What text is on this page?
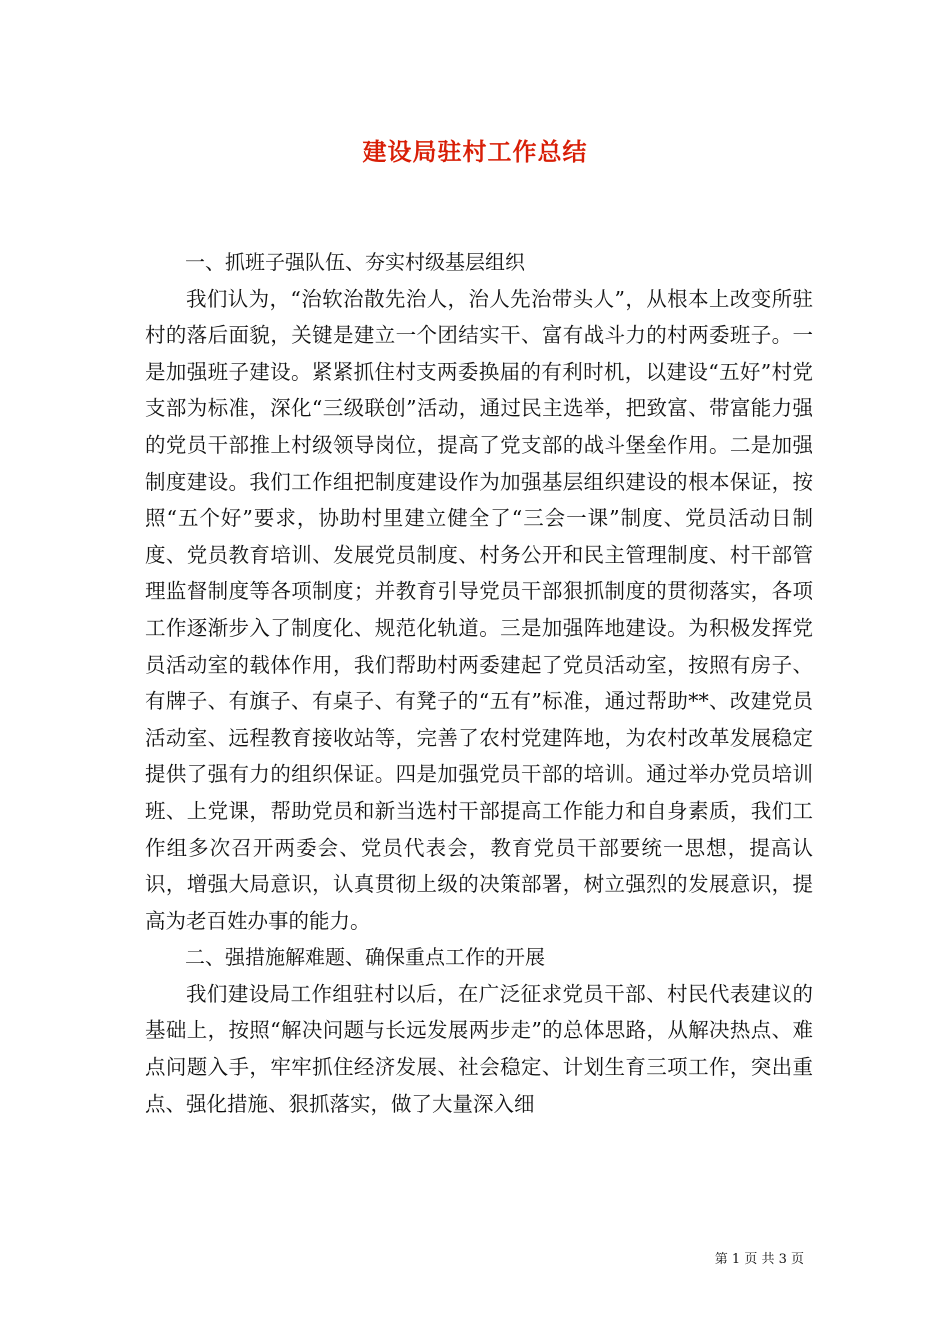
建设局驻村工作总结
一、抓班子强队伍、夯实村级基层组织

我们认为，“治软治散先治人，治人先治带头人”，从根本上改变所驻村的落后面貌，关键是建立一个团结实干、富有战斗力的村两委班子。一是加强班子建设。紧紧抓住村支两委换届的有利时机，以建设“五好”村党支部为标准，深化“三级联创”活动，通过民主选举，把致富、带富能力强的党员干部推上村级领导岗位，提高了党支部的战斗堡垒作用。二是加强制度建设。我们工作组把制度建设作为加强基层组织建设的根本保证，按照“五个好”要求，协助村里建立健全了“三会一课”制度、党员活动日制度、党员教育培训、发展党员制度、村务公开和民主管理制度、村干部管理监督制度等各项制度；并教育引导党员干部狠抓制度的贯彻落实，各项工作逐渐步入了制度化、规范化轨道。三是加强阵地建设。为积极发挥党员活动室的载体作用，我们帮助村两委建起了党员活动室，按照有房子、有牌子、有旗子、有桌子、有凳子的“五有”标准，通过帮助**、改建党员活动室、远程教育接收站等，完善了农村党建阵地，为农村改革发展稳定提供了强有力的组织保证。四是加强党员干部的培训。通过举办党员培训班、上党课，帮助党员和新当选村干部提高工作能力和自身素质，我们工作组多次召开两委会、党员代表会，教育党员干部要统一思想，提高认识，增强大局意识，认真贯彻上级的决策部署，树立强烈的发展意识，提高为老百姓办事的能力。

二、强措施解难题、确保重点工作的开展

我们建设局工作组驻村以后，在广泛征求党员干部、村民代表建议的基础上，按照“解决问题与长远发展两步走”的总体思路，从解决热点、难点问题入手，牢牢抓住经济发展、社会稳定、计划生育三项工作，突出重点、强化措施、狠抓落实，做了大量深入细

第 1 页 共 3 页
